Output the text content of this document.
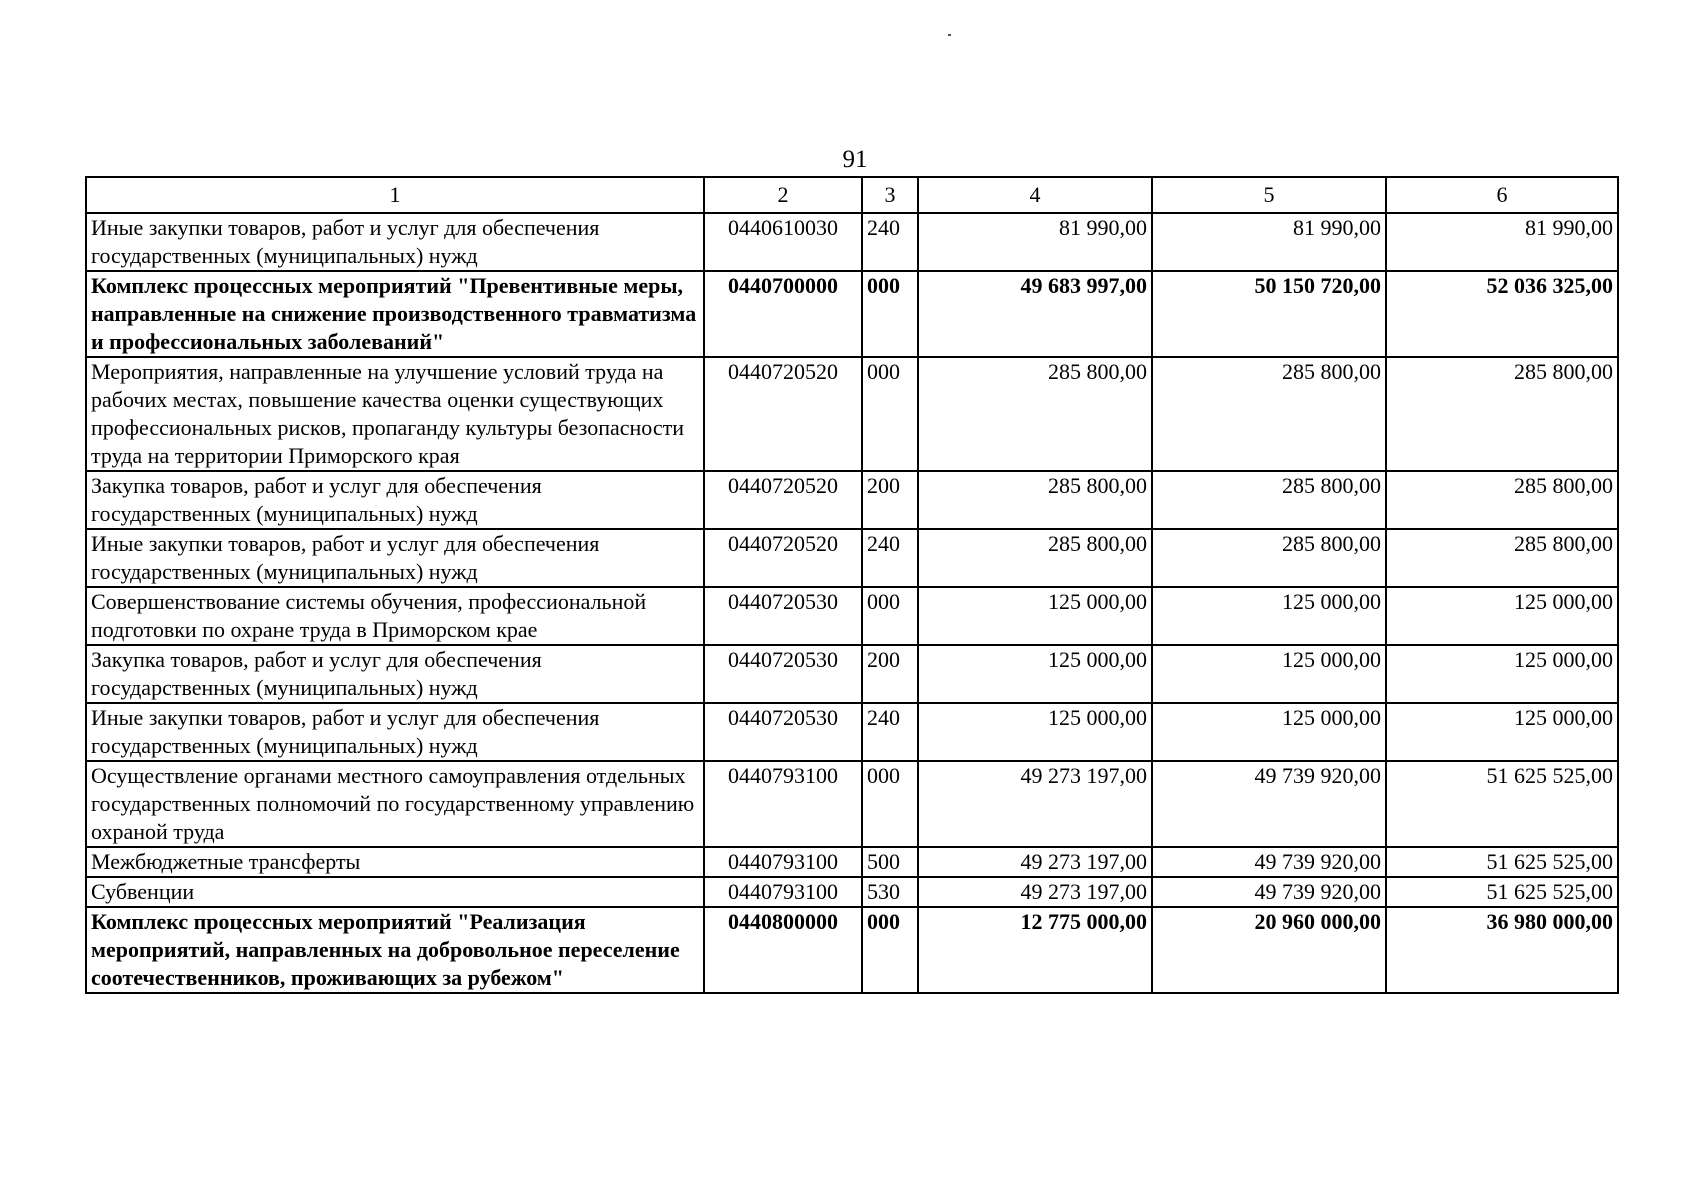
91
1	2	3	4	5	6
Иные закупки товаров, работ и услуг для обеспечения государственных (муниципальных) нужд	0440610030	240	81 990,00	81 990,00	81 990,00
Комплекс процессных мероприятий "Превентивные меры, направленные на снижение производственного травматизма и профессиональных заболеваний"	0440700000	000	49 683 997,00	50 150 720,00	52 036 325,00
Мероприятия, направленные на улучшение условий труда на рабочих местах, повышение качества оценки существующих профессиональных рисков, пропаганду культуры безопасности труда на территории Приморского края	0440720520	000	285 800,00	285 800,00	285 800,00
Закупка товаров, работ и услуг для обеспечения государственных (муниципальных) нужд	0440720520	200	285 800,00	285 800,00	285 800,00
Иные закупки товаров, работ и услуг для обеспечения государственных (муниципальных) нужд	0440720520	240	285 800,00	285 800,00	285 800,00
Совершенствование системы обучения, профессиональной подготовки по охране труда в Приморском крае	0440720530	000	125 000,00	125 000,00	125 000,00
Закупка товаров, работ и услуг для обеспечения государственных (муниципальных) нужд	0440720530	200	125 000,00	125 000,00	125 000,00
Иные закупки товаров, работ и услуг для обеспечения государственных (муниципальных) нужд	0440720530	240	125 000,00	125 000,00	125 000,00
Осуществление органами местного самоуправления отдельных государственных полномочий по государственному управлению охраной труда	0440793100	000	49 273 197,00	49 739 920,00	51 625 525,00
Межбюджетные трансферты	0440793100	500	49 273 197,00	49 739 920,00	51 625 525,00
Субвенции	0440793100	530	49 273 197,00	49 739 920,00	51 625 525,00
Комплекс процессных мероприятий "Реализация мероприятий, направленных на добровольное переселение соотечественников, проживающих за рубежом"	0440800000	000	12 775 000,00	20 960 000,00	36 980 000,00
